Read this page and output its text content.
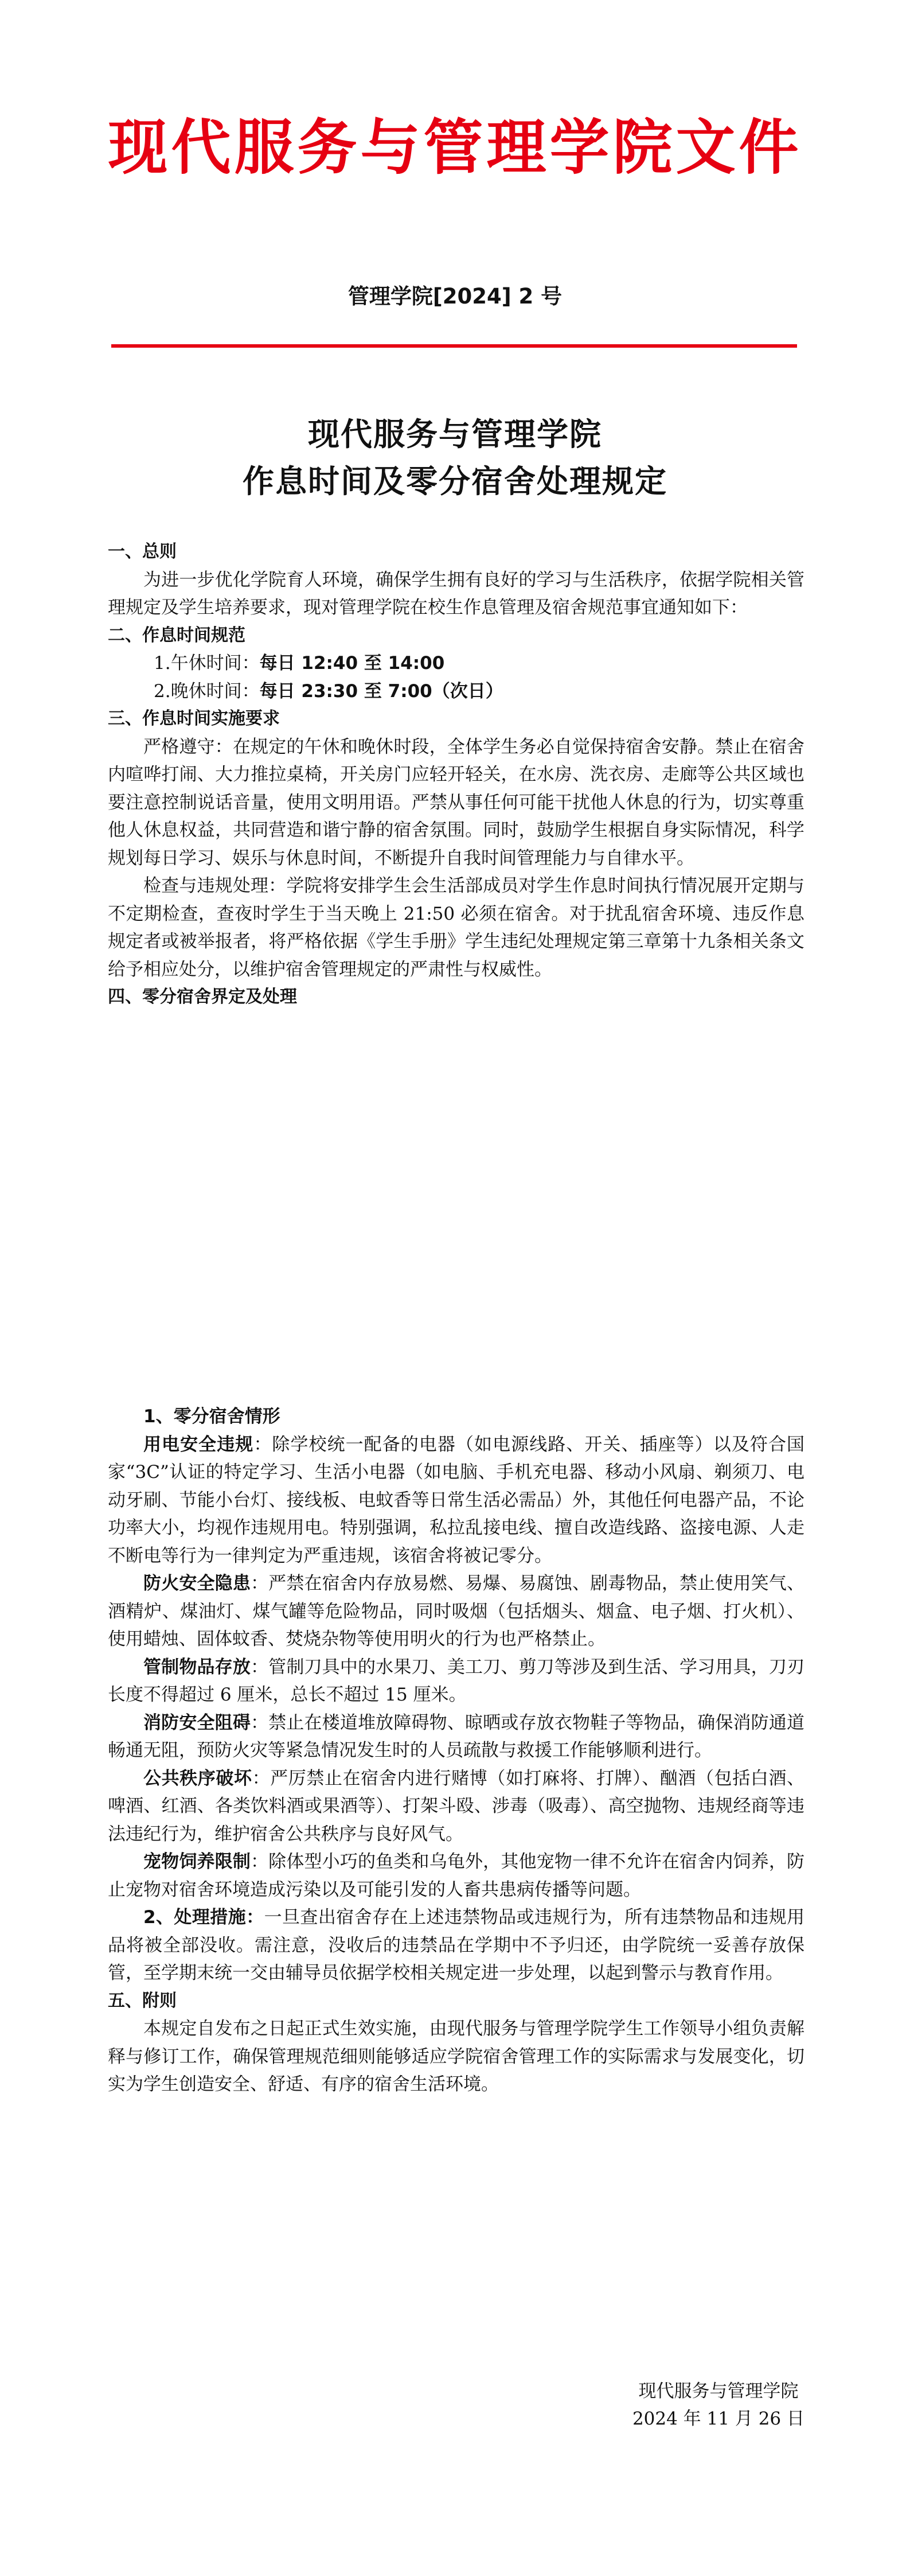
现代服务与管理学院文件
管理学院[2024] 2 号
现代服务与管理学院
作息时间及零分宿舍处理规定

一、总则

为进一步优化学院育人环境，确保学生拥有良好的学习与生活秩序，依据学院相关管理规定及学生培养要求，现对管理学院在校生作息管理及宿舍规范事宜通知如下：

二、作息时间规范

1.午休时间：每日 12:40 至 14:00

2.晚休时间：每日 23:30 至 7:00（次日）

三、作息时间实施要求

严格遵守：在规定的午休和晚休时段，全体学生务必自觉保持宿舍安静。禁止在宿舍内喧哗打闹、大力推拉桌椅，开关房门应轻开轻关，在水房、洗衣房、走廊等公共区域也要注意控制说话音量，使用文明用语。严禁从事任何可能干扰他人休息的行为，切实尊重他人休息权益，共同营造和谐宁静的宿舍氛围。同时，鼓励学生根据自身实际情况，科学规划每日学习、娱乐与休息时间，不断提升自我时间管理能力与自律水平。

检查与违规处理：学院将安排学生会生活部成员对学生作息时间执行情况展开定期与不定期检查，查夜时学生于当天晚上 21:50 必须在宿舍。对于扰乱宿舍环境、违反作息规定者或被举报者，将严格依据《学生手册》学生违纪处理规定第三章第十九条相关条文给予相应处分，以维护宿舍管理规定的严肃性与权威性。

四、零分宿舍界定及处理

1、零分宿舍情形

用电安全违规：除学校统一配备的电器（如电源线路、开关、插座等）以及符合国家“3C”认证的特定学习、生活小电器（如电脑、手机充电器、移动小风扇、剃须刀、电动牙刷、节能小台灯、接线板、电蚊香等日常生活必需品）外，其他任何电器产品，不论功率大小，均视作违规用电。特别强调，私拉乱接电线、擅自改造线路、盗接电源、人走不断电等行为一律判定为严重违规，该宿舍将被记零分。

防火安全隐患：严禁在宿舍内存放易燃、易爆、易腐蚀、剧毒物品，禁止使用笑气、酒精炉、煤油灯、煤气罐等危险物品，同时吸烟（包括烟头、烟盒、电子烟、打火机）、使用蜡烛、固体蚊香、焚烧杂物等使用明火的行为也严格禁止。

管制物品存放：管制刀具中的水果刀、美工刀、剪刀等涉及到生活、学习用具，刀刃长度不得超过 6 厘米，总长不超过 15 厘米。

消防安全阻碍：禁止在楼道堆放障碍物、晾晒或存放衣物鞋子等物品，确保消防通道畅通无阻，预防火灾等紧急情况发生时的人员疏散与救援工作能够顺利进行。

公共秩序破坏：严厉禁止在宿舍内进行赌博（如打麻将、打牌）、酗酒（包括白酒、啤酒、红酒、各类饮料酒或果酒等）、打架斗殴、涉毒（吸毒）、高空抛物、违规经商等违法违纪行为，维护宿舍公共秩序与良好风气。

宠物饲养限制：除体型小巧的鱼类和乌龟外，其他宠物一律不允许在宿舍内饲养，防止宠物对宿舍环境造成污染以及可能引发的人畜共患病传播等问题。

2、处理措施：一旦查出宿舍存在上述违禁物品或违规行为，所有违禁物品和违规用品将被全部没收。需注意，没收后的违禁品在学期中不予归还，由学院统一妥善存放保管，至学期末统一交由辅导员依据学校相关规定进一步处理，以起到警示与教育作用。

五、附则

本规定自发布之日起正式生效实施，由现代服务与管理学院学生工作领导小组负责解释与修订工作，确保管理规范细则能够适应学院宿舍管理工作的实际需求与发展变化，切实为学生创造安全、舒适、有序的宿舍生活环境。

现代服务与管理学院
2024 年 11 月 26 日
